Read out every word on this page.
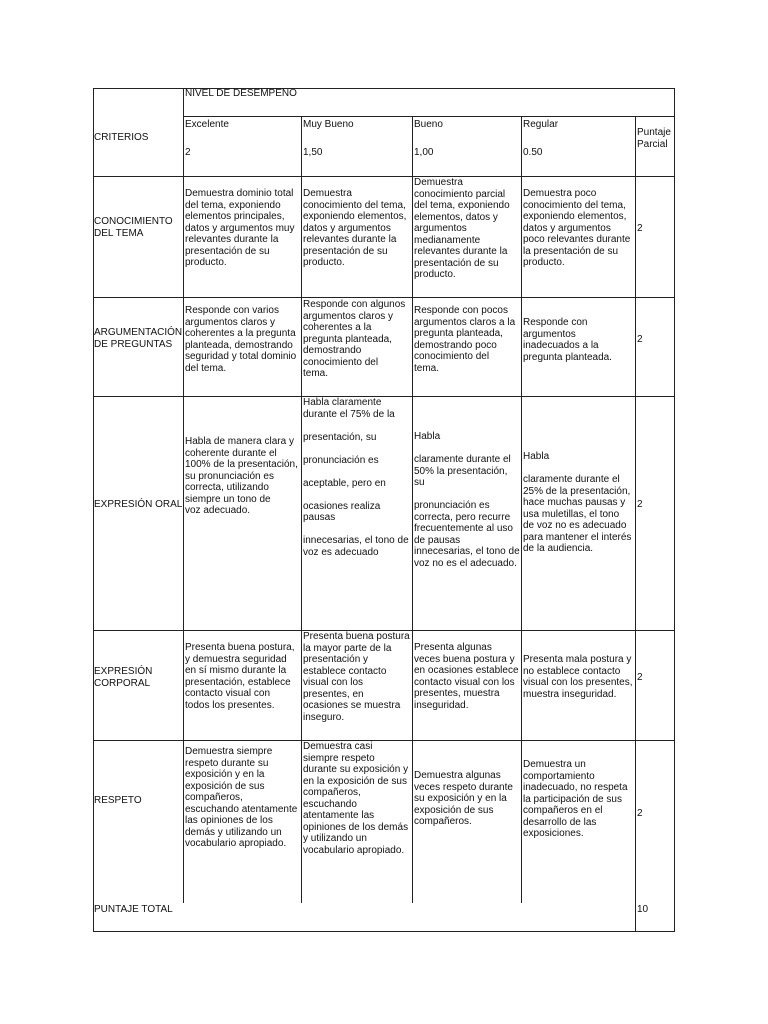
CRITERIOS
NIVEL DE DESEMPENO
Excelente
2
Muy Bueno
1,50
Bueno
1,00
Regular
0.50
Puntaje
Parcial
CONOCIMIENTO
DEL TEMA
Demuestra dominio total
del tema, exponiendo
elementos principales,
datos y argumentos muy
relevantes durante la
presentación de su
producto.
Demuestra
conocimiento del tema,
exponiendo elementos,
datos y argumentos
relevantes durante la
presentación de su
producto.
Demuestra
conocimiento parcial
del tema, exponiendo
elementos, datos y
argumentos
medianamente
relevantes durante la
presentación de su
producto.
Demuestra poco
conocimiento del tema,
exponiendo elementos,
datos y argumentos
poco relevantes durante
la presentación de su
producto.
2
ARGUMENTACIÓN
DE PREGUNTAS
Responde con varios
argumentos claros y
coherentes a la pregunta
planteada, demostrando
seguridad y total dominio
del tema.
Responde con algunos
argumentos claros y
coherentes a la
pregunta planteada,
demostrando
conocimiento del
tema.
Responde con pocos
argumentos claros a la
pregunta planteada,
demostrando poco
conocimiento del
tema.
Responde con
argumentos
inadecuados a la
pregunta planteada.
2
EXPRESIÓN ORAL
Habla de manera clara y
coherente durante el
100% de la presentación,
su pronunciación es
correcta, utilizando
siempre un tono de
voz adecuado.
Habla claramente
durante el 75% de la

presentación, su

pronunciación es

aceptable, pero en

ocasiones realiza
pausas

innecesarias, el tono de
voz es adecuado
Habla

claramente durante el
50% la presentación,
su

pronunciación es
correcta, pero recurre
frecuentemente al uso
de pausas
innecesarias, el tono de
voz no es el adecuado.
Habla

claramente durante el
25% de la presentación,
hace muchas pausas y
usa muletillas, el tono
de voz no es adecuado
para mantener el interés
de la audiencia.
2
EXPRESIÓN
CORPORAL
Presenta buena postura,
y demuestra seguridad
en sí mismo durante la
presentación, establece
contacto visual con
todos los presentes.
Presenta buena postura
la mayor parte de la
presentación y
establece contacto
visual con los
presentes, en
ocasiones se muestra
inseguro.
Presenta algunas
veces buena postura y
en ocasiones establece
contacto visual con los
presentes, muestra
inseguridad.
Presenta mala postura y
no establece contacto
visual con los presentes,
muestra inseguridad.
2
RESPETO
Demuestra siempre
respeto durante su
exposición y en la
exposición de sus
compañeros,
escuchando atentamente
las opiniones de los
demás y utilizando un
vocabulario apropiado.
Demuestra casi
siempre respeto
durante su exposición y
en la exposición de sus
compañeros,
escuchando
atentamente las
opiniones de los demás
y utilizando un
vocabulario apropiado.
Demuestra algunas
veces respeto durante
su exposición y en la
exposición de sus
compañeros.
Demuestra un
comportamiento
inadecuado, no respeta
la participación de sus
compañeros en el
desarrollo de las
exposiciones.
2
PUNTAJE TOTAL	10
